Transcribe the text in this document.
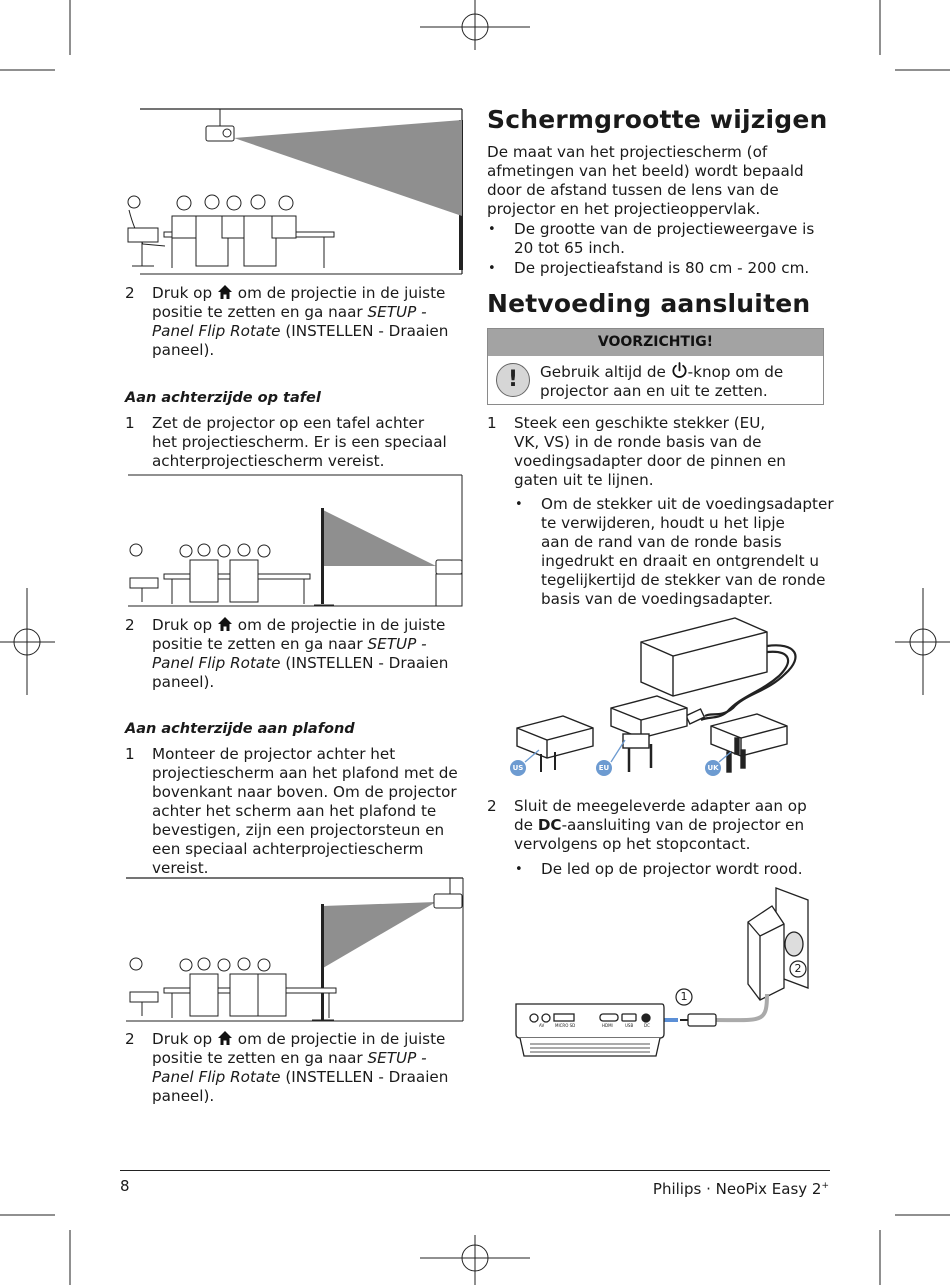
2 Druk op  om de projectie in de juiste
positie te zetten en ga naar SETUP -
Panel Flip Rotate (INSTELLEN - Draaien
paneel).
Aan achterzijde op tafel
1 Zet de projector op een tafel achter
het projectiescherm. Er is een speciaal
achterprojectiescherm vereist.
2 Druk op  om de projectie in de juiste
positie te zetten en ga naar SETUP -
Panel Flip Rotate (INSTELLEN - Draaien
paneel).
Aan achterzijde aan plafond
1 Monteer de projector achter het
projectiescherm aan het plafond met de
bovenkant naar boven. Om de projector
achter het scherm aan het plafond te
bevestigen, zijn een projectorsteun en
een speciaal achterprojectiescherm
vereist.
2 Druk op  om de projectie in de juiste
positie te zetten en ga naar SETUP -
Panel Flip Rotate (INSTELLEN - Draaien
paneel).
Schermgrootte wijzigen
De maat van het projectiescherm (of
afmetingen van het beeld) wordt bepaald
door de afstand tussen de lens van de
projector en het projectieoppervlak.
• De grootte van de projectieweergave is
20 tot 65 inch.
• De projectieafstand is 80 cm - 200 cm.
Netvoeding aansluiten
VOORZICHTIG!
!	Gebruik altijd de -knop om de
projector aan en uit te zetten.
1 Steek een geschikte stekker (EU,
VK, VS) in de ronde basis van de
voedingsadapter door de pinnen en
gaten uit te lijnen.
• Om de stekker uit de voedingsadapter
te verwijderen, houdt u het lipje
aan de rand van de ronde basis
ingedrukt en draait en ontgrendelt u
tegelijkertijd de stekker van de ronde
basis van de voedingsadapter.
US	EU	UK
2 Sluit de meegeleverde adapter aan op
de DC-aansluiting van de projector en
vervolgens op het stopcontact.
• De led op de projector wordt rood.
1
2
AV	MICRO SD	HDMI	USB	DC
8	Philips · NeoPix Easy 2+
